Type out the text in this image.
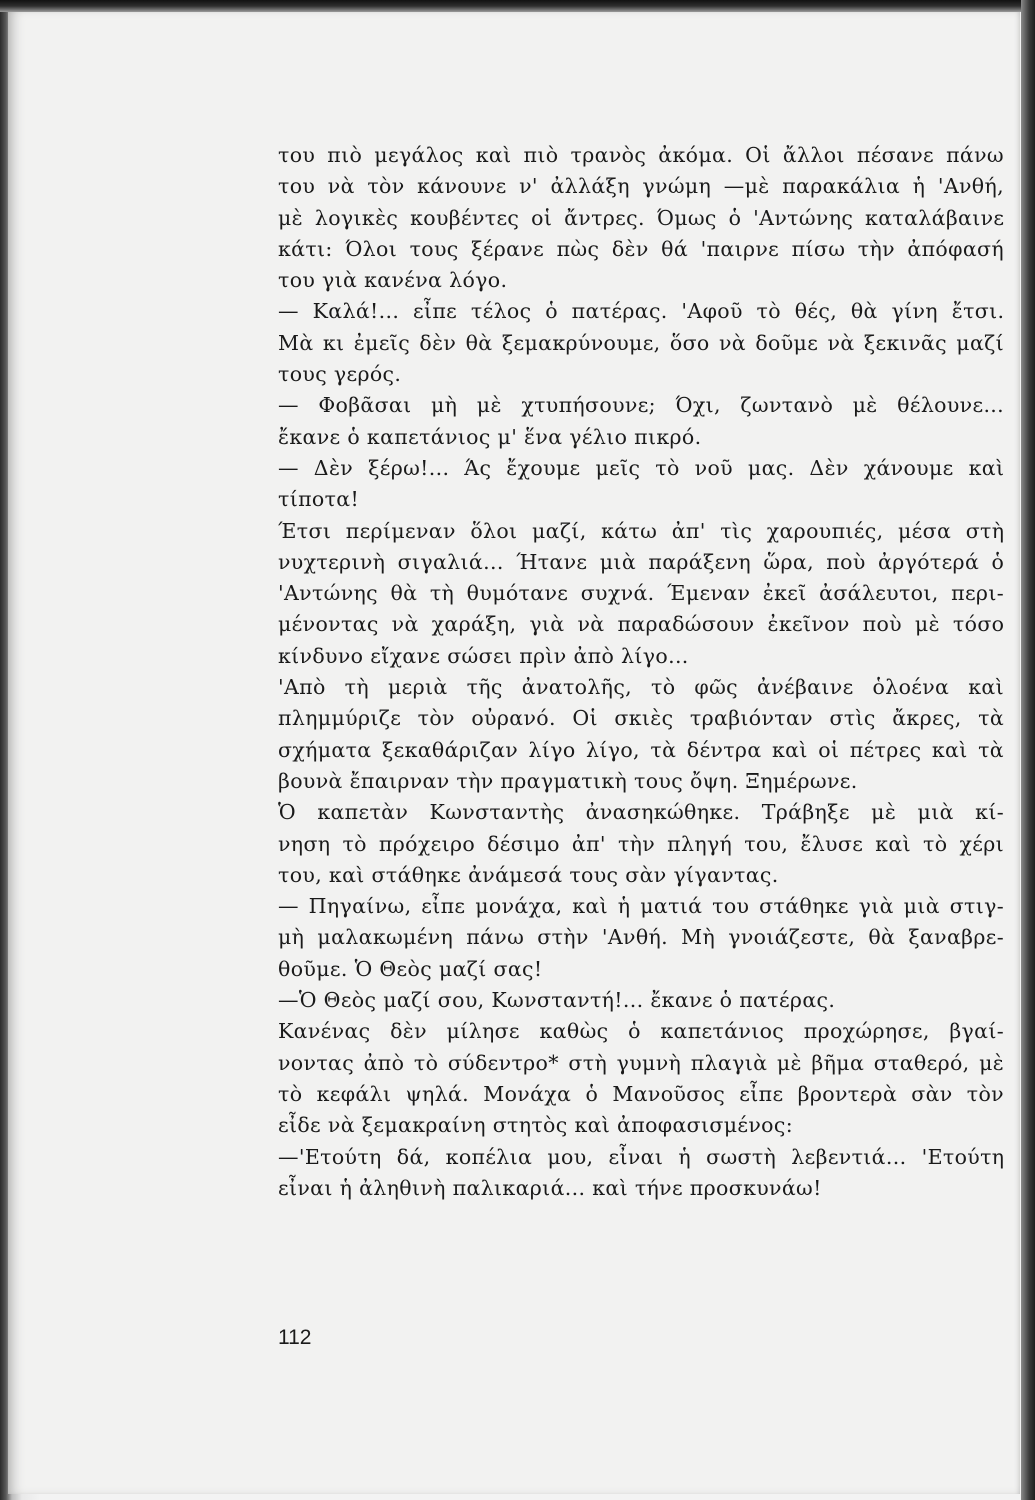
του πιὸ μεγάλος καὶ πιὸ τρανὸς ἀκόμα. Οἱ ἄλλοι πέσανε πάνω
του νὰ τὸν κάνουνε ν' ἀλλάξη γνώμη —μὲ παρακάλια ἡ 'Ανθή,
μὲ λογικὲς κουβέντες οἱ ἄντρες. Όμως ὁ 'Αντώνης καταλάβαινε
κάτι: Όλοι τους ξέρανε πὼς δὲν θά 'παιρνε πίσω τὴν ἀπόφασή
του γιὰ κανένα λόγο.
— Καλά!... εἶπε τέλος ὁ πατέρας. 'Αφοῦ τὸ θές, θὰ γίνη ἔτσι.
Μὰ κι ἐμεῖς δὲν θὰ ξεμακρύνουμε, ὅσο νὰ δοῦμε νὰ ξεκινᾶς μαζί
τους γερός.
— Φοβᾶσαι μὴ μὲ χτυπήσουνε; Όχι, ζωντανὸ μὲ θέλουνε...
ἔκανε ὁ καπετάνιος μ' ἕνα γέλιο πικρό.
— Δὲν ξέρω!... Άς ἔχουμε μεῖς τὸ νοῦ μας. Δὲν χάνουμε καὶ
τίποτα!
Έτσι περίμεναν ὅλοι μαζί, κάτω ἀπ' τὶς χαρουπιές, μέσα στὴ
νυχτερινὴ σιγαλιά... Ήτανε μιὰ παράξενη ὥρα, ποὺ ἀργότερά ὁ
'Αντώνης θὰ τὴ θυμότανε συχνά. Έμεναν ἐκεῖ ἀσάλευτοι, περι-
μένοντας νὰ χαράξη, γιὰ νὰ παραδώσουν ἐκεῖνον ποὺ μὲ τόσο
κίνδυνο εἴχανε σώσει πρὶν ἀπὸ λίγο...
'Απὸ τὴ μεριὰ τῆς ἀνατολῆς, τὸ φῶς ἀνέβαινε ὁλοένα καὶ
πλημμύριζε τὸν οὐρανό. Οἱ σκιὲς τραβιόνταν στὶς ἄκρες, τὰ
σχήματα ξεκαθάριζαν λίγο λίγο, τὰ δέντρα καὶ οἱ πέτρες καὶ τὰ
βουνὰ ἔπαιρναν τὴν πραγματικὴ τους ὄψη. Ξημέρωνε.
Ὁ καπετὰν Κωνσταντὴς ἀνασηκώθηκε. Τράβηξε μὲ μιὰ κί-
νηση τὸ πρόχειρο δέσιμο ἀπ' τὴν πληγή του, ἔλυσε καὶ τὸ χέρι
του, καὶ στάθηκε ἀνάμεσά τους σὰν γίγαντας.
— Πηγαίνω, εἶπε μονάχα, καὶ ἡ ματιά του στάθηκε γιὰ μιὰ στιγ-
μὴ μαλακωμένη πάνω στὴν 'Ανθή. Μὴ γνοιάζεστε, θὰ ξαναβρε-
θοῦμε. Ὁ Θεὸς μαζί σας!
—Ὁ Θεὸς μαζί σου, Κωνσταντή!... ἔκανε ὁ πατέρας.
Κανένας δὲν μίλησε καθὼς ὁ καπετάνιος προχώρησε, βγαί-
νοντας ἀπὸ τὸ σύδεντρο* στὴ γυμνὴ πλαγιὰ μὲ βῆμα σταθερό, μὲ
τὸ κεφάλι ψηλά. Μονάχα ὁ Μανοῦσος εἶπε βροντερὰ σὰν τὸν
εἶδε νὰ ξεμακραίνη στητὸς καὶ ἀποφασισμένος:
—'Ετούτη δά, κοπέλια μου, εἶναι ἡ σωστὴ λεβεντιά... 'Ετούτη
εἶναι ἡ ἀληθινὴ παλικαριά... καὶ τήνε προσκυνάω!
112
